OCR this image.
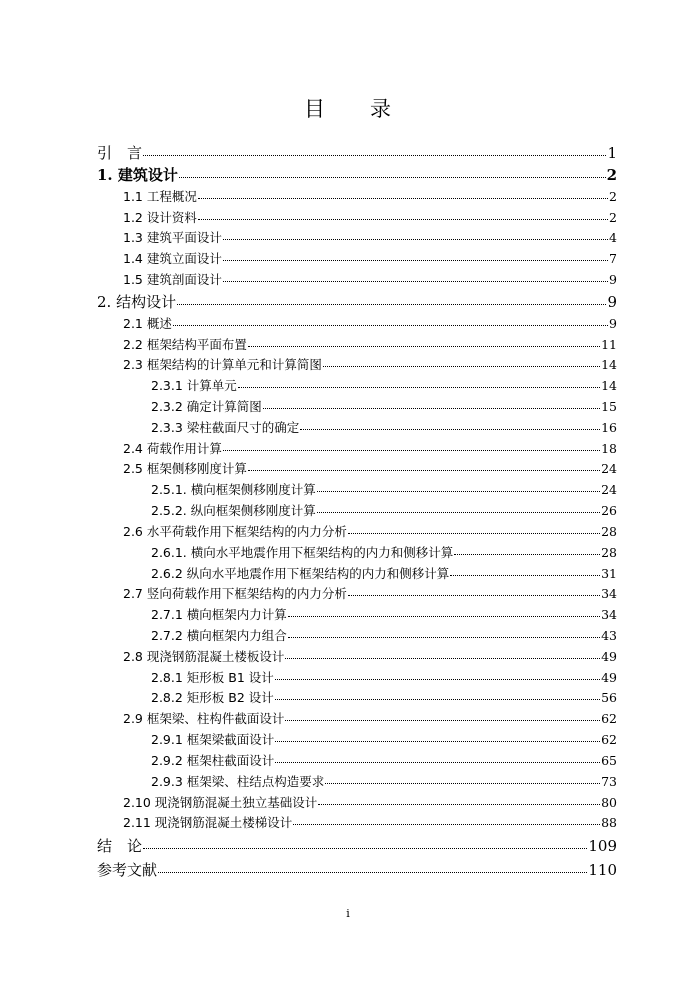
目 录
引　言	1
1. 建筑设计	2
1.1 工程概况	2
1.2 设计资料	2
1.3 建筑平面设计	4
1.4 建筑立面设计	7
1.5 建筑剖面设计	9
2. 结构设计	9
2.1 概述	9
2.2 框架结构平面布置	11
2.3 框架结构的计算单元和计算简图	14
2.3.1 计算单元	14
2.3.2 确定计算简图	15
2.3.3 梁柱截面尺寸的确定	16
2.4 荷载作用计算	18
2.5 框架侧移刚度计算	24
2.5.1. 横向框架侧移刚度计算	24
2.5.2. 纵向框架侧移刚度计算	26
2.6 水平荷载作用下框架结构的内力分析	28
2.6.1. 横向水平地震作用下框架结构的内力和侧移计算	28
2.6.2 纵向水平地震作用下框架结构的内力和侧移计算	31
2.7 竖向荷载作用下框架结构的内力分析	34
2.7.1 横向框架内力计算	34
2.7.2 横向框架内力组合	43
2.8 现浇钢筋混凝土楼板设计	49
2.8.1 矩形板 B1 设计	49
2.8.2 矩形板 B2 设计	56
2.9 框架梁、柱构件截面设计	62
2.9.1 框架梁截面设计	62
2.9.2 框架柱截面设计	65
2.9.3 框架梁、柱结点构造要求	73
2.10 现浇钢筋混凝土独立基础设计	80
2.11 现浇钢筋混凝土楼梯设计	88
结　论	109
参考文献	110
i
